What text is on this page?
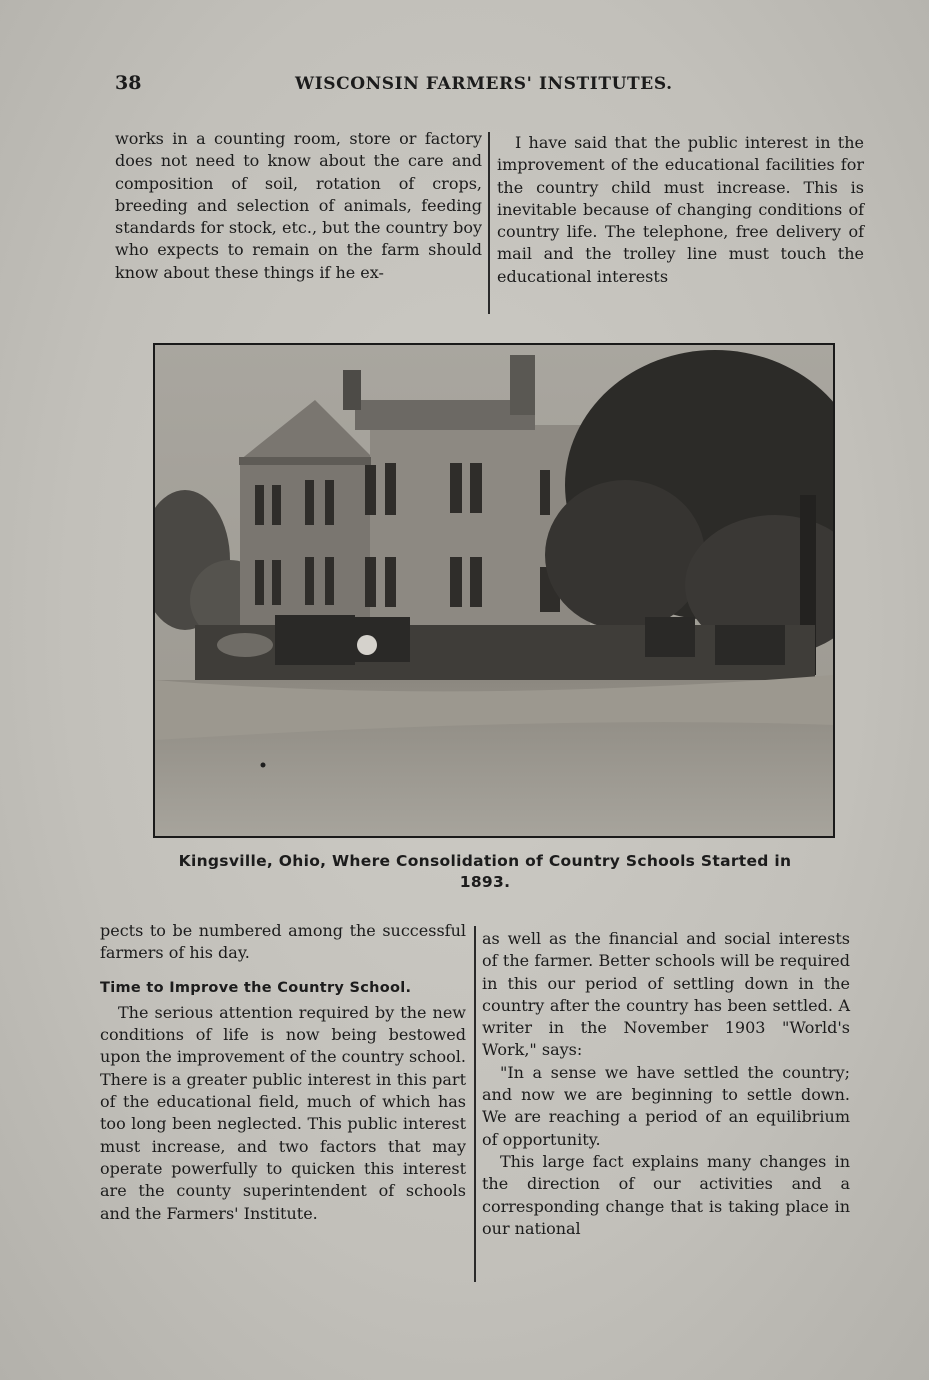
38	WISCONSIN FARMERS' INSTITUTES.

works in a counting room, store or factory does not need to know about the care and composition of soil, rotation of crops, breeding and selection of animals, feeding standards for stock, etc., but the country boy who expects to remain on the farm should know about these things if he ex-

I have said that the public interest in the improvement of the educational facilities for the country child must increase. This is inevitable because of changing conditions of country life. The telephone, free delivery of mail and the trolley line must touch the educational interests

Kingsville, Ohio, Where Consolidation of Country Schools Started in
1893.

pects to be numbered among the successful farmers of his day.

Time to Improve the Country School.

The serious attention required by the new conditions of life is now being bestowed upon the improvement of the country school. There is a greater public interest in this part of the educational field, much of which has too long been neglected. This public interest must increase, and two factors that may operate powerfully to quicken this interest are the county superintendent of schools and the Farmers' Institute.

as well as the financial and social interests of the farmer. Better schools will be required in this our period of settling down in the country after the country has been settled. A writer in the November 1903 "World's Work," says:

"In a sense we have settled the country; and now we are beginning to settle down. We are reaching a period of an equilibrium of opportunity.

This large fact explains many changes in the direction of our activities and a corresponding change that is taking place in our national
